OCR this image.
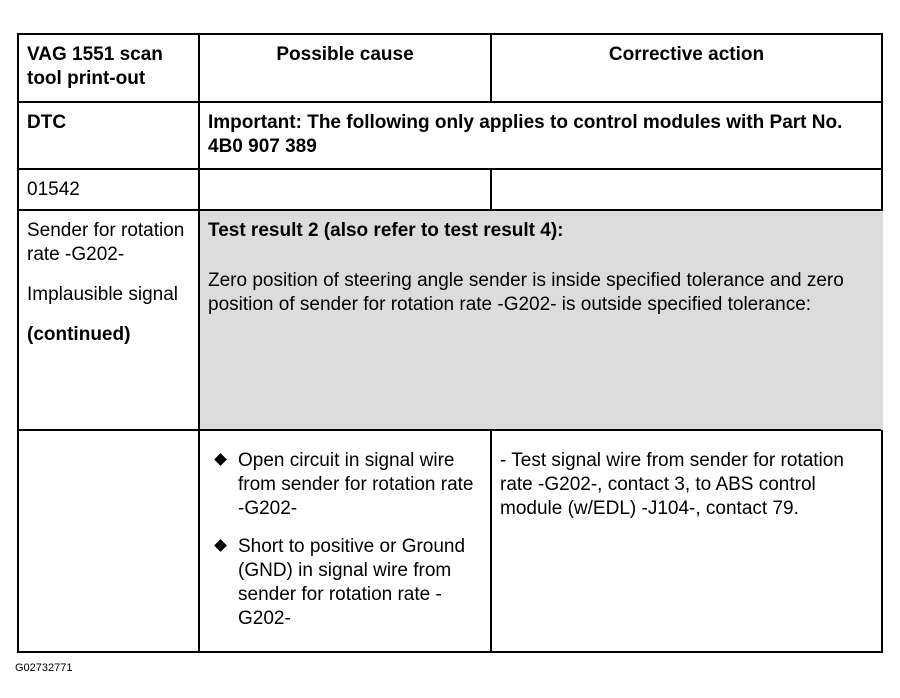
VAG 1551 scan tool print-out
Possible cause	Corrective action
DTC	Important: The following only applies to control modules with Part No. 4B0 907 389
01542
Sender for rotation rate -G202-
Implausible signal
(continued)
Test result 2 (also refer to test result 4):
Zero position of steering angle sender is inside specified tolerance and zero position of sender for rotation rate -G202- is outside specified tolerance:
Open circuit in signal wire from sender for rotation rate -G202-
Short to positive or Ground (GND) in signal wire from sender for rotation rate -G202-
- Test signal wire from sender for rotation rate -G202-, contact 3, to ABS control module (w/EDL) -J104-, contact 79.
G02732771
